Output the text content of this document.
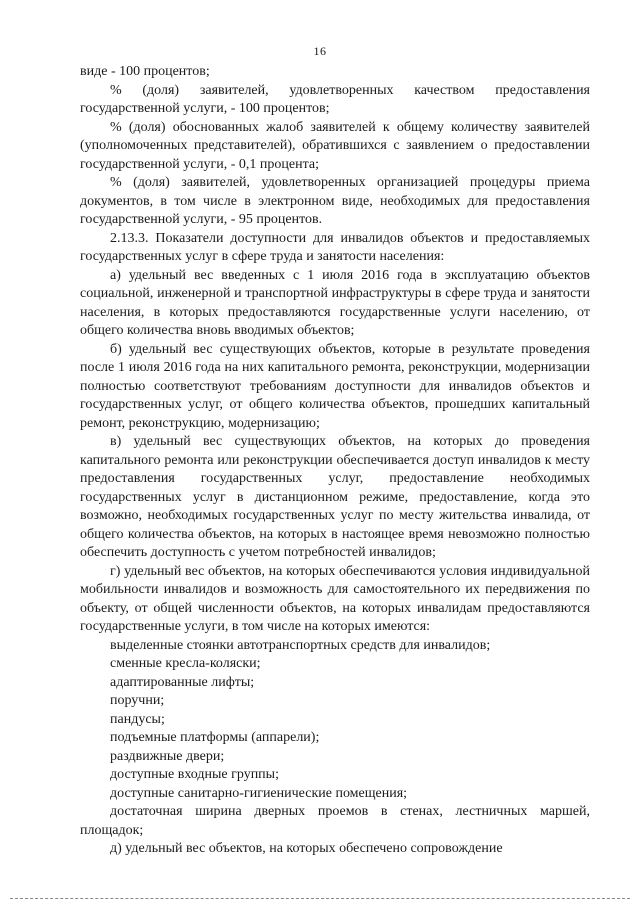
16

виде - 100 процентов;

% (доля) заявителей, удовлетворенных качеством предоставления государственной услуги, - 100 процентов;

% (доля) обоснованных жалоб заявителей к общему количеству заявителей (уполномоченных представителей), обратившихся с заявлением о предоставлении государственной услуги, - 0,1 процента;

% (доля) заявителей, удовлетворенных организацией процедуры приема документов, в том числе в электронном виде, необходимых для предоставления государственной услуги, - 95 процентов.

2.13.3. Показатели доступности для инвалидов объектов и предоставляемых государственных услуг в сфере труда и занятости населения:

а) удельный вес введенных с 1 июля 2016 года в эксплуатацию объектов социальной, инженерной и транспортной инфраструктуры в сфере труда и занятости населения, в которых предоставляются государственные услуги населению, от общего количества вновь вводимых объектов;

б) удельный вес существующих объектов, которые в результате проведения после 1 июля 2016 года на них капитального ремонта, реконструкции, модернизации полностью соответствуют требованиям доступности для инвалидов объектов и государственных услуг, от общего количества объектов, прошедших капитальный ремонт, реконструкцию, модернизацию;

в) удельный вес существующих объектов, на которых до проведения капитального ремонта или реконструкции обеспечивается доступ инвалидов к месту предоставления государственных услуг, предоставление необходимых государственных услуг в дистанционном режиме, предоставление, когда это возможно, необходимых государственных услуг по месту жительства инвалида, от общего количества объектов, на которых в настоящее время невозможно полностью обеспечить доступность с учетом потребностей инвалидов;

г) удельный вес объектов, на которых обеспечиваются условия индивидуальной мобильности инвалидов и возможность для самостоятельного их передвижения по объекту, от общей численности объектов, на которых инвалидам предоставляются государственные услуги, в том числе на которых имеются:

выделенные стоянки автотранспортных средств для инвалидов;

сменные кресла-коляски;

адаптированные лифты;

поручни;

пандусы;

подъемные платформы (аппарели);

раздвижные двери;

доступные входные группы;

доступные санитарно-гигиенические помещения;

достаточная ширина дверных проемов в стенах, лестничных маршей, площадок;

д) удельный вес объектов, на которых обеспечено сопровождение
